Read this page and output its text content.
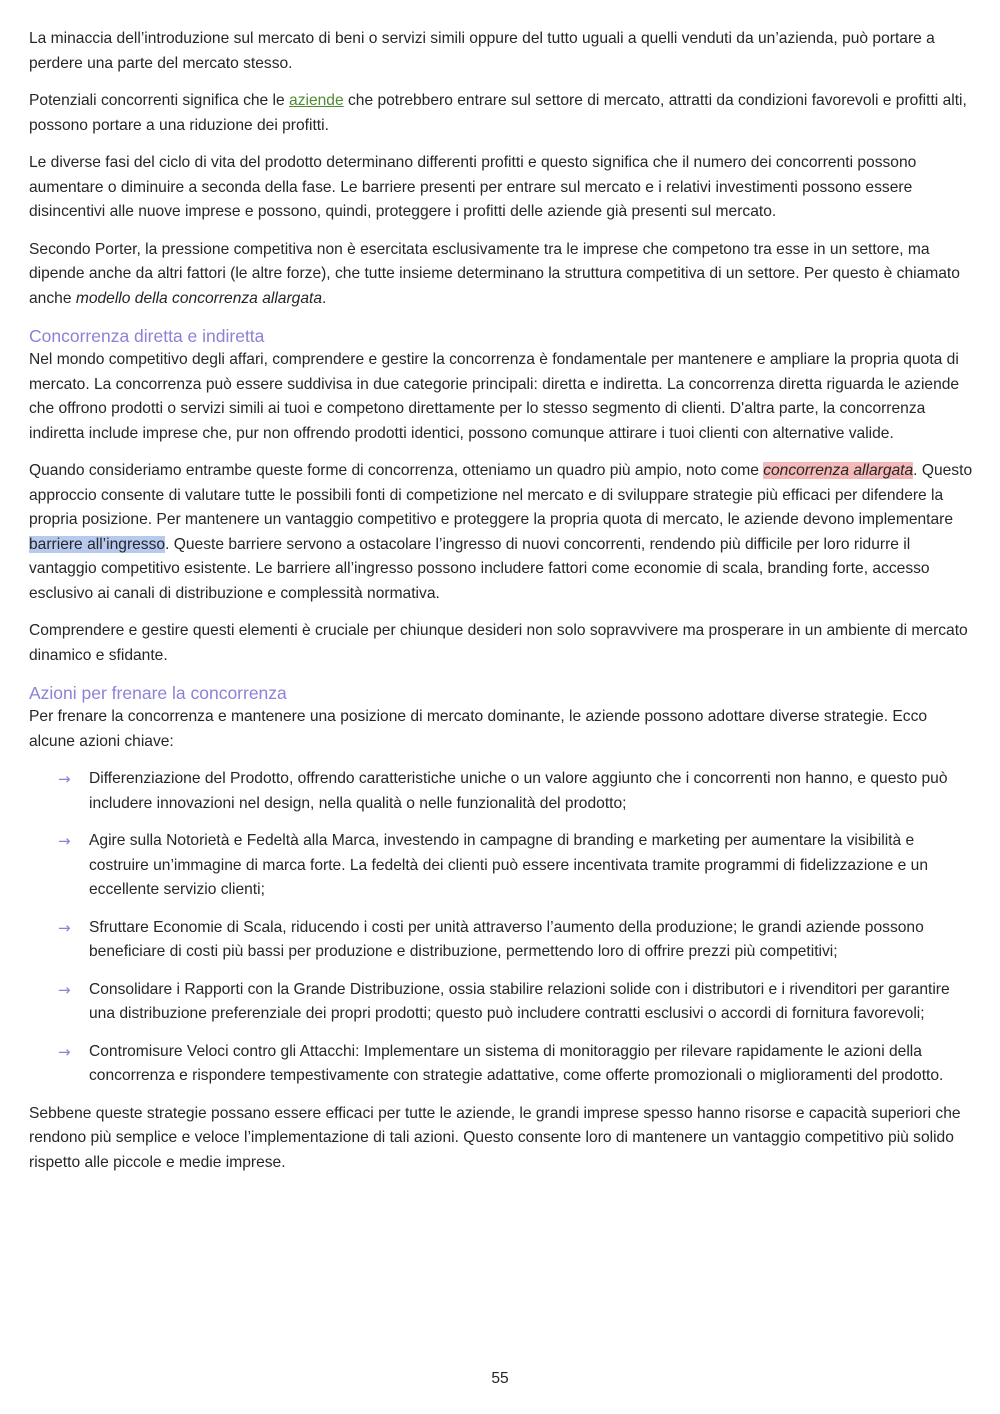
La minaccia dell’introduzione sul mercato di beni o servizi simili oppure del tutto uguali a quelli venduti da un’azienda, può portare a perdere una parte del mercato stesso.

Potenziali concorrenti significa che le aziende che potrebbero entrare sul settore di mercato, attratti da condizioni favorevoli e profitti alti, possono portare a una riduzione dei profitti.

Le diverse fasi del ciclo di vita del prodotto determinano differenti profitti e questo significa che il numero dei concorrenti possono aumentare o diminuire a seconda della fase. Le barriere presenti per entrare sul mercato e i relativi investimenti possono essere disincentivi alle nuove imprese e possono, quindi, proteggere i profitti delle aziende già presenti sul mercato.

Secondo Porter, la pressione competitiva non è esercitata esclusivamente tra le imprese che competono tra esse in un settore, ma dipende anche da altri fattori (le altre forze), che tutte insieme determinano la struttura competitiva di un settore. Per questo è chiamato anche modello della concorrenza allargata.

Concorrenza diretta e indiretta

Nel mondo competitivo degli affari, comprendere e gestire la concorrenza è fondamentale per mantenere e ampliare la propria quota di mercato. La concorrenza può essere suddivisa in due categorie principali: diretta e indiretta. La concorrenza diretta riguarda le aziende che offrono prodotti o servizi simili ai tuoi e competono direttamente per lo stesso segmento di clienti. D'altra parte, la concorrenza indiretta include imprese che, pur non offrendo prodotti identici, possono comunque attirare i tuoi clienti con alternative valide.

Quando consideriamo entrambe queste forme di concorrenza, otteniamo un quadro più ampio, noto come concorrenza allargata. Questo approccio consente di valutare tutte le possibili fonti di competizione nel mercato e di sviluppare strategie più efficaci per difendere la propria posizione. Per mantenere un vantaggio competitivo e proteggere la propria quota di mercato, le aziende devono implementare barriere all’ingresso. Queste barriere servono a ostacolare l’ingresso di nuovi concorrenti, rendendo più difficile per loro ridurre il vantaggio competitivo esistente. Le barriere all’ingresso possono includere fattori come economie di scala, branding forte, accesso esclusivo ai canali di distribuzione e complessità normativa.

Comprendere e gestire questi elementi è cruciale per chiunque desideri non solo sopravvivere ma prosperare in un ambiente di mercato dinamico e sfidante.

Azioni per frenare la concorrenza

Per frenare la concorrenza e mantenere una posizione di mercato dominante, le aziende possono adottare diverse strategie. Ecco alcune azioni chiave:

→ Differenziazione del Prodotto, offrendo caratteristiche uniche o un valore aggiunto che i concorrenti non hanno, e questo può includere innovazioni nel design, nella qualità o nelle funzionalità del prodotto;
→ Agire sulla Notorietà e Fedeltà alla Marca, investendo in campagne di branding e marketing per aumentare la visibilità e costruire un’immagine di marca forte. La fedeltà dei clienti può essere incentivata tramite programmi di fidelizzazione e un eccellente servizio clienti;
→ Sfruttare Economie di Scala, riducendo i costi per unità attraverso l’aumento della produzione; le grandi aziende possono beneficiare di costi più bassi per produzione e distribuzione, permettendo loro di offrire prezzi più competitivi;
→ Consolidare i Rapporti con la Grande Distribuzione, ossia stabilire relazioni solide con i distributori e i rivenditori per garantire una distribuzione preferenziale dei propri prodotti; questo può includere contratti esclusivi o accordi di fornitura favorevoli;
→ Contromisure Veloci contro gli Attacchi: Implementare un sistema di monitoraggio per rilevare rapidamente le azioni della concorrenza e rispondere tempestivamente con strategie adattative, come offerte promozionali o miglioramenti del prodotto.

Sebbene queste strategie possano essere efficaci per tutte le aziende, le grandi imprese spesso hanno risorse e capacità superiori che rendono più semplice e veloce l’implementazione di tali azioni. Questo consente loro di mantenere un vantaggio competitivo più solido rispetto alle piccole e medie imprese.

55
